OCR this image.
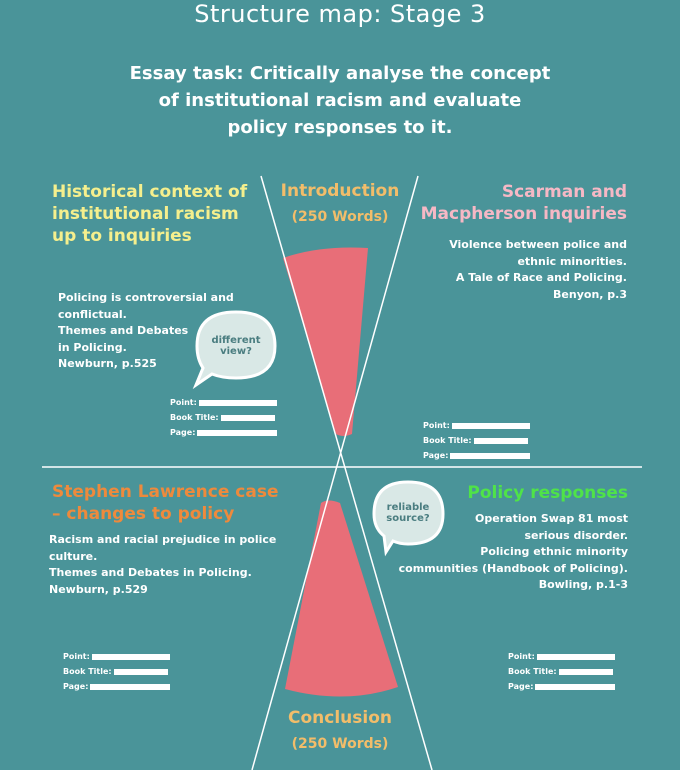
Structure map: Stage 3
Essay task: Critically analyse the concept
of institutional racism and evaluate
policy responses to it.
Introduction
(250 Words)
Conclusion
(250 Words)
Historical context of
institutional racism
up to inquiries
Policing is controversial and
conflictual.
Themes and Debates
in Policing.
Newburn, p.525
Scarman and
Macpherson inquiries
Violence between police and
ethnic minorities.
A Tale of Race and Policing.
Benyon, p.3
Stephen Lawrence case
– changes to policy
Racism and racial prejudice in police
culture.
Themes and Debates in Policing.
Newburn, p.529
Policy responses
Operation Swap 81 most
serious disorder.
Policing ethnic minority
communities (Handbook of Policing).
Bowling, p.1-3
different
view?
reliable
source?
Point:
Book Title:
Page:
Point:
Book Title:
Page:
Point:
Book Title:
Page:
Point:
Book Title:
Page:
